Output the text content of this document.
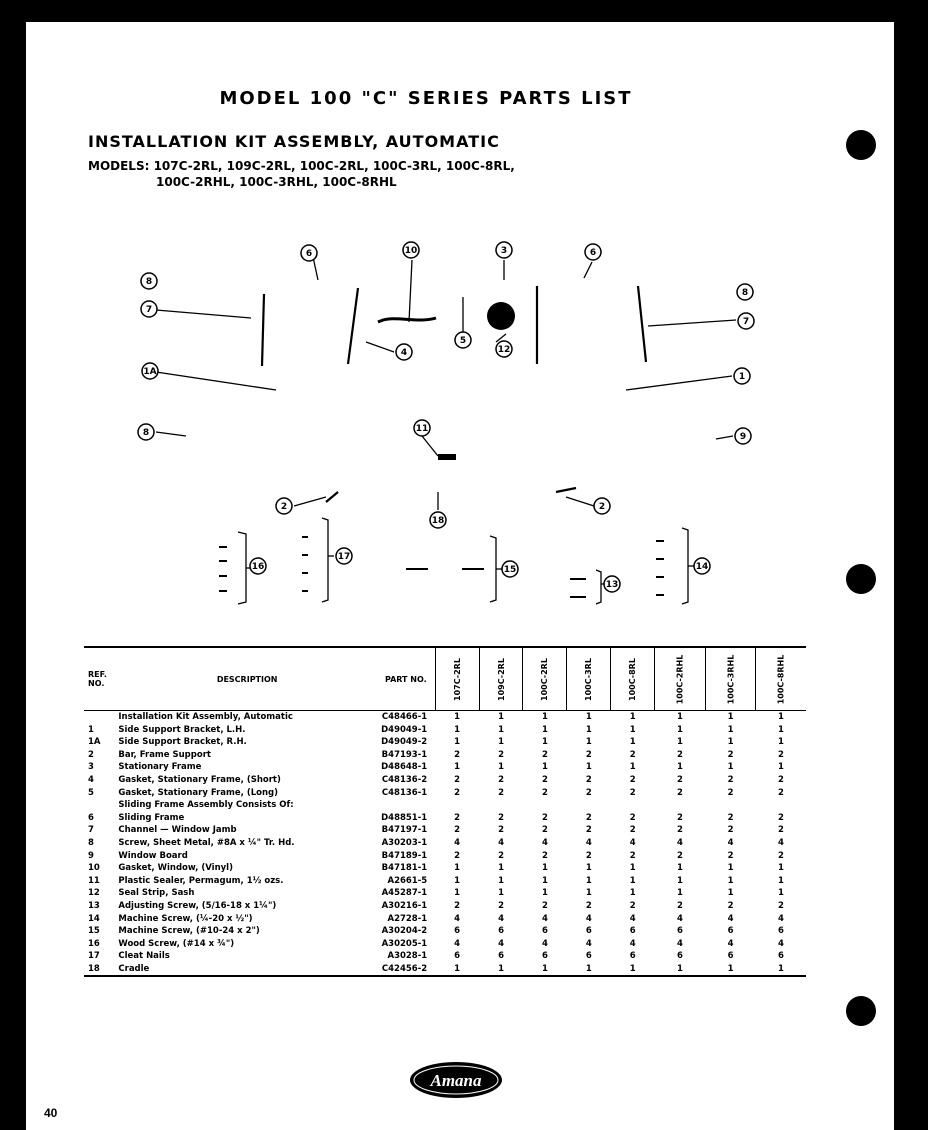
MODEL 100 "C" SERIES PARTS LIST
INSTALLATION KIT ASSEMBLY, AUTOMATIC
MODELS: 107C-2RL, 109C-2RL, 100C-2RL, 100C-3RL, 100C-8RL,
100C-2RHL, 100C-3RHL, 100C-8RHL
8
7
10	3
6	6
8
7
4
5
12
1A	1
8	11
9
2
18
2
16
17
15
13
14
REF. NO.	DESCRIPTION	PART NO.	107C-2RL	109C-2RL	100C-2RL	100C-3RL	100C-8RL	100C-2RHL	100C-3RHL	100C-8RHL
	Installation Kit Assembly, Automatic	C48466-1	1	1	1	1	1	1	1	1
1	Side Support Bracket, L.H.	D49049-1	1	1	1	1	1	1	1	1
1A	Side Support Bracket, R.H.	D49049-2	1	1	1	1	1	1	1	1
2	Bar, Frame Support	B47193-1	2	2	2	2	2	2	2	2
3	Stationary Frame	D48648-1	1	1	1	1	1	1	1	1
4	Gasket, Stationary Frame, (Short)	C48136-2	2	2	2	2	2	2	2	2
5	Gasket, Stationary Frame, (Long)	C48136-1	2	2	2	2	2	2	2	2
	Sliding Frame Assembly Consists Of:									
6	Sliding Frame	D48851-1	2	2	2	2	2	2	2	2
7	Channel — Window Jamb	B47197-1	2	2	2	2	2	2	2	2
8	Screw, Sheet Metal, #8A x ¼" Tr. Hd.	A30203-1	4	4	4	4	4	4	4	4
9	Window Board	B47189-1	2	2	2	2	2	2	2	2
10	Gasket, Window, (Vinyl)	B47181-1	1	1	1	1	1	1	1	1
11	Plastic Sealer, Permagum, 1½ ozs.	A2661-5	1	1	1	1	1	1	1	1
12	Seal Strip, Sash	A45287-1	1	1	1	1	1	1	1	1
13	Adjusting Screw, (5/16-18 x 1¼")	A30216-1	2	2	2	2	2	2	2	2
14	Machine Screw, (¼-20 x ½")	A2728-1	4	4	4	4	4	4	4	4
15	Machine Screw, (#10-24 x 2")	A30204-2	6	6	6	6	6	6	6	6
16	Wood Screw, (#14 x ¾")	A30205-1	4	4	4	4	4	4	4	4
17	Cleat Nails	A3028-1	6	6	6	6	6	6	6	6
18	Cradle	C42456-2	1	1	1	1	1	1	1	1
Amana
40
